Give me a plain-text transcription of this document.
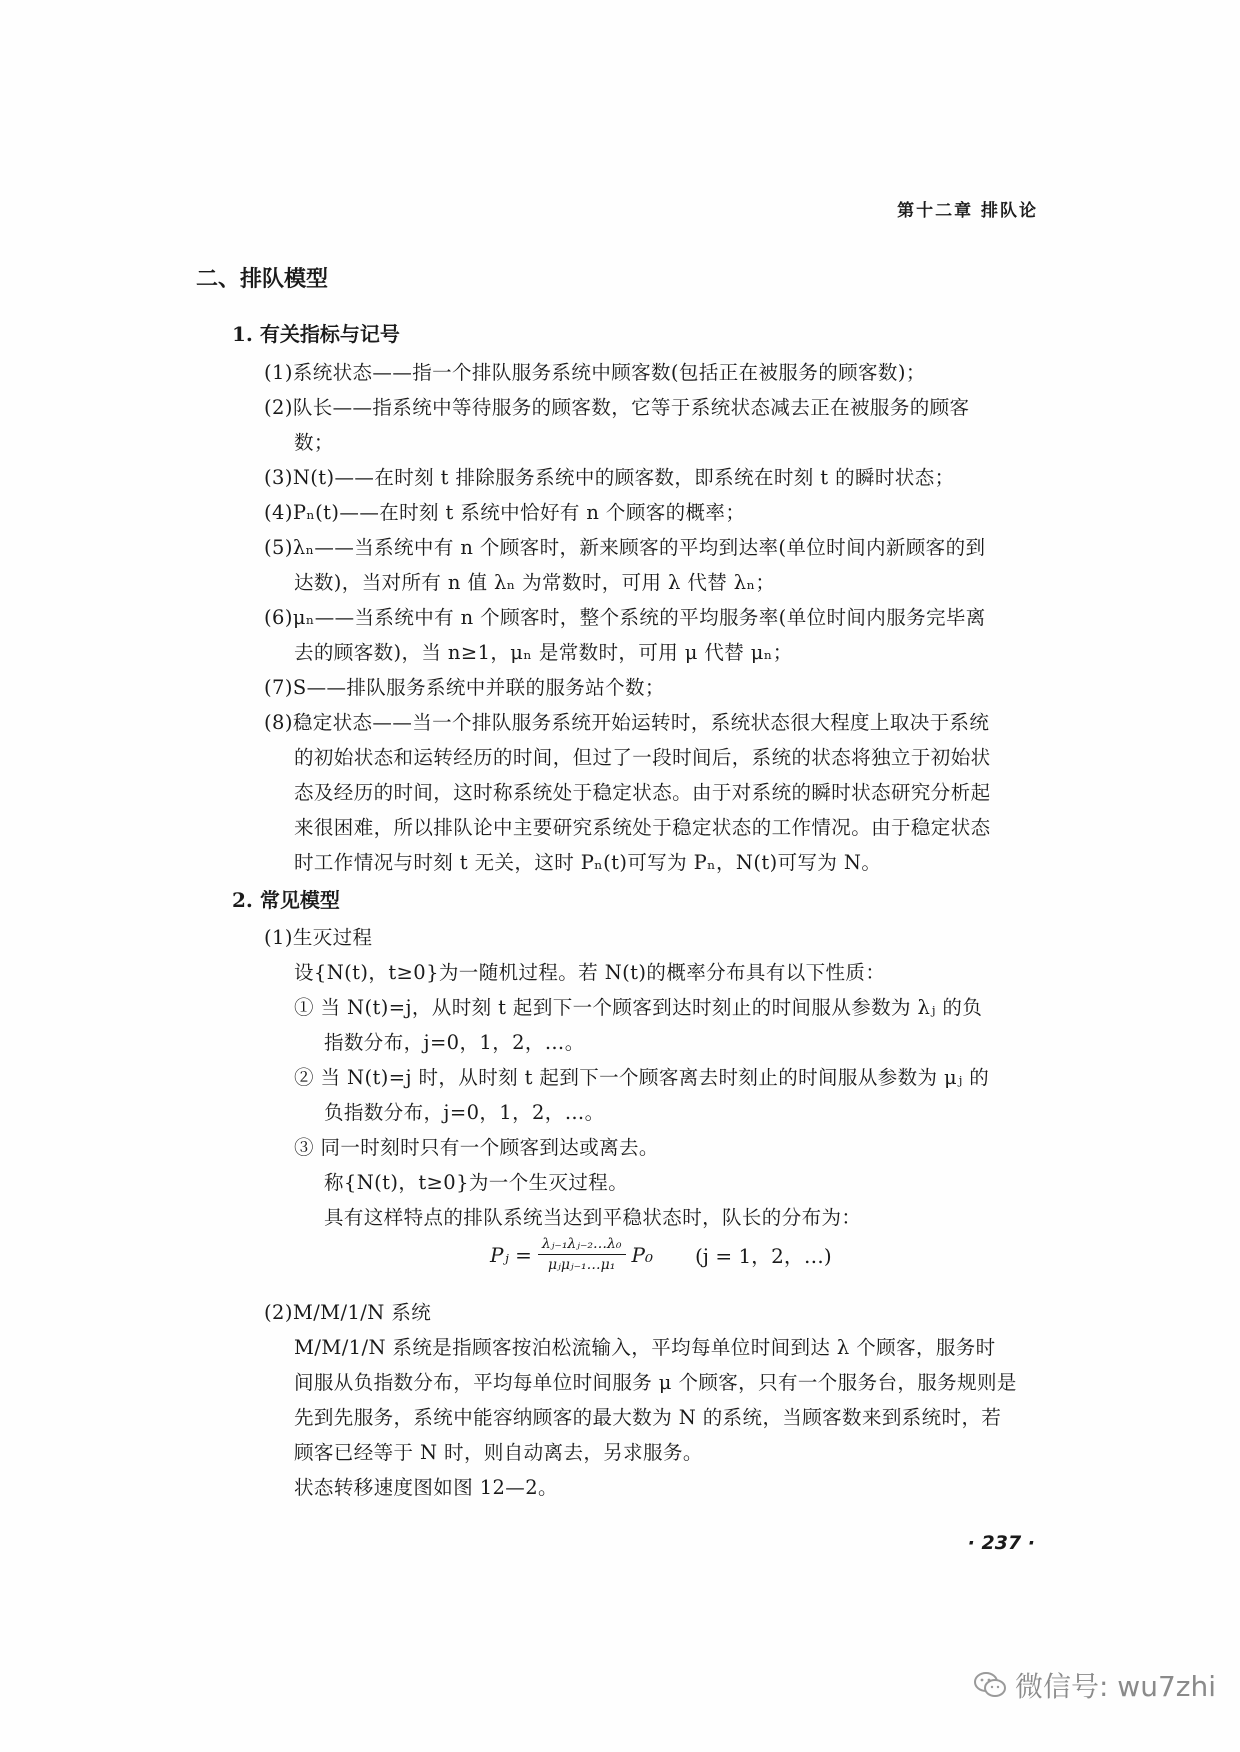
第十二章 排队论
二、排队模型
1. 有关指标与记号
(1)系统状态——指一个排队服务系统中顾客数(包括正在被服务的顾客数)；
(2)队长——指系统中等待服务的顾客数，它等于系统状态减去正在被服务的顾客
数；
(3)N(t)——在时刻 t 排除服务系统中的顾客数，即系统在时刻 t 的瞬时状态；
(4)Pₙ(t)——在时刻 t 系统中恰好有 n 个顾客的概率；
(5)λₙ——当系统中有 n 个顾客时，新来顾客的平均到达率(单位时间内新顾客的到
达数)，当对所有 n 值 λₙ 为常数时，可用 λ 代替 λₙ；
(6)μₙ——当系统中有 n 个顾客时，整个系统的平均服务率(单位时间内服务完毕离
去的顾客数)，当 n≥1，μₙ 是常数时，可用 μ 代替 μₙ；
(7)S——排队服务系统中并联的服务站个数；
(8)稳定状态——当一个排队服务系统开始运转时，系统状态很大程度上取决于系统
的初始状态和运转经历的时间，但过了一段时间后，系统的状态将独立于初始状
态及经历的时间，这时称系统处于稳定状态。由于对系统的瞬时状态研究分析起
来很困难，所以排队论中主要研究系统处于稳定状态的工作情况。由于稳定状态
时工作情况与时刻 t 无关，这时 Pₙ(t)可写为 Pₙ，N(t)可写为 N。
2. 常见模型
(1)生灭过程
设{N(t)，t≥0}为一随机过程。若 N(t)的概率分布具有以下性质：
① 当 N(t)=j，从时刻 t 起到下一个顾客到达时刻止的时间服从参数为 λⱼ 的负
指数分布，j=0，1，2，…。
② 当 N(t)=j 时，从时刻 t 起到下一个顾客离去时刻止的时间服从参数为 μⱼ 的
负指数分布，j=0，1，2，…。
③ 同一时刻时只有一个顾客到达或离去。
称{N(t)，t≥0}为一个生灭过程。
具有这样特点的排队系统当达到平稳状态时，队长的分布为：
Pⱼ = $\frac{\text{λⱼ₋₁λⱼ₋₂…λ₀}}{\text{μⱼμⱼ₋₁…μ₁}} P_0$ (j = 1，2，…)
(2)M/M/1/N 系统
M/M/1/N 系统是指顾客按泊松流输入，平均每单位时间到达 λ 个顾客，服务时
间服从负指数分布，平均每单位时间服务 μ 个顾客，只有一个服务台，服务规则是
先到先服务，系统中能容纳顾客的最大数为 N 的系统，当顾客数来到系统时，若
顾客已经等于 N 时，则自动离去，另求服务。
状态转移速度图如图 12—2。
· 237 ·
微信号: wu7zhi
